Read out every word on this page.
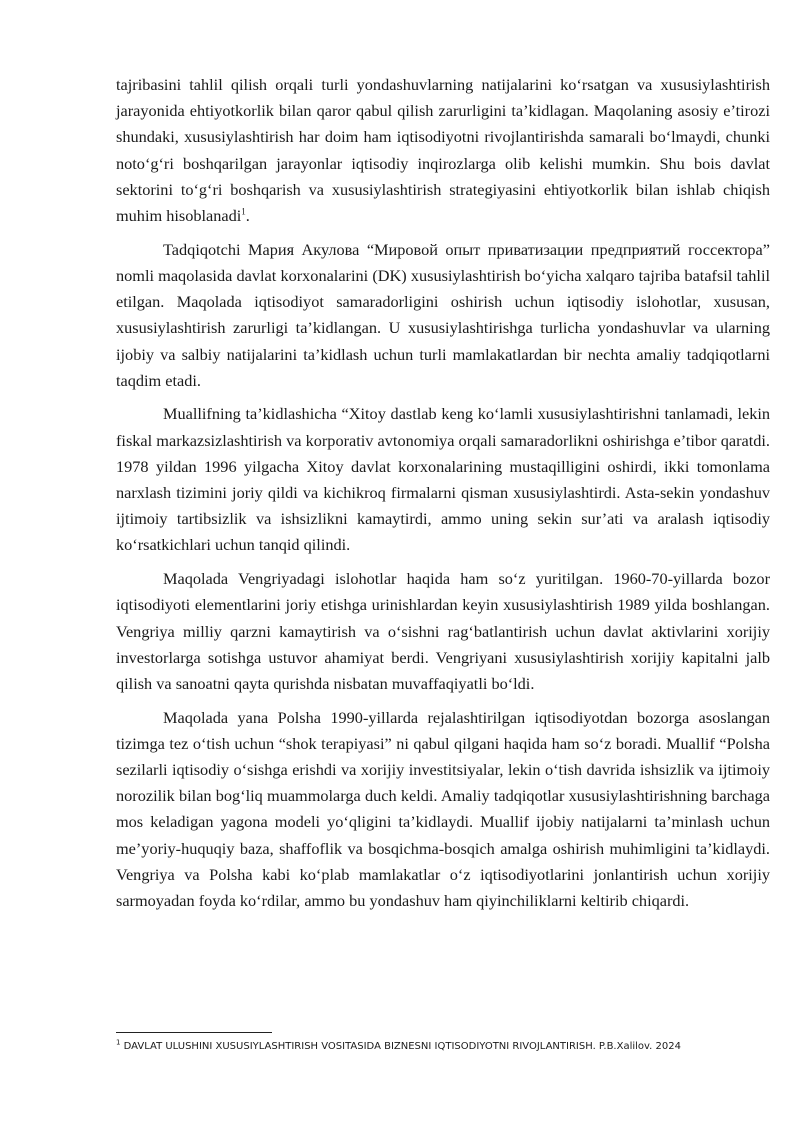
tajribasini tahlil qilish orqali turli yondashuvlarning natijalarini ko‘rsatgan va xususiylashtirish jarayonida ehtiyotkorlik bilan qaror qabul qilish zarurligini ta’kidlagan. Maqolaning asosiy e’tirozi shundaki, xususiylashtirish har doim ham iqtisodiyotni rivojlantirishda samarali bo‘lmaydi, chunki noto‘g‘ri boshqarilgan jarayonlar iqtisodiy inqirozlarga olib kelishi mumkin. Shu bois davlat sektorini to‘g‘ri boshqarish va xususiylashtirish strategiyasini ehtiyotkorlik bilan ishlab chiqish muhim hisoblanadi$^1$.

Tadqiqotchi Мария Акулова “Мировой опыт приватизации предприятий госсектора” nomli maqolasida davlat korxonalarini (DK) xususiylashtirish bo‘yicha xalqaro tajriba batafsil tahlil etilgan. Maqolada iqtisodiyot samaradorligini oshirish uchun iqtisodiy islohotlar, xususan, xususiylashtirish zarurligi ta’kidlangan. U xususiylashtirishga turlicha yondashuvlar va ularning ijobiy va salbiy natijalarini ta’kidlash uchun turli mamlakatlardan bir nechta amaliy tadqiqotlarni taqdim etadi.

Muallifning ta’kidlashicha “Xitoy dastlab keng ko‘lamli xususiylashtirishni tanlamadi, lekin fiskal markazsizlashtirish va korporativ avtonomiya orqali samaradorlikni oshirishga e’tibor qaratdi. 1978 yildan 1996 yilgacha Xitoy davlat korxonalarining mustaqilligini oshirdi, ikki tomonlama narxlash tizimini joriy qildi va kichikroq firmalarni qisman xususiylashtirdi. Asta-sekin yondashuv ijtimoiy tartibsizlik va ishsizlikni kamaytirdi, ammo uning sekin sur’ati va aralash iqtisodiy ko‘rsatkichlari uchun tanqid qilindi.

Maqolada Vengriyadagi islohotlar haqida ham so‘z yuritilgan. 1960-70-yillarda bozor iqtisodiyoti elementlarini joriy etishga urinishlardan keyin xususiylashtirish 1989 yilda boshlangan. Vengriya milliy qarzni kamaytirish va o‘sishni rag‘batlantirish uchun davlat aktivlarini xorijiy investorlarga sotishga ustuvor ahamiyat berdi. Vengriyani xususiylashtirish xorijiy kapitalni jalb qilish va sanoatni qayta qurishda nisbatan muvaffaqiyatli bo‘ldi.

Maqolada yana Polsha 1990-yillarda rejalashtirilgan iqtisodiyotdan bozorga asoslangan tizimga tez o‘tish uchun “shok terapiyasi” ni qabul qilgani haqida ham so‘z boradi. Muallif “Polsha sezilarli iqtisodiy o‘sishga erishdi va xorijiy investitsiyalar, lekin o‘tish davrida ishsizlik va ijtimoiy norozilik bilan bog‘liq muammolarga duch keldi. Amaliy tadqiqotlar xususiylashtirishning barchaga mos keladigan yagona modeli yo‘qligini ta’kidlaydi. Muallif ijobiy natijalarni ta’minlash uchun me’yoriy-huquqiy baza, shaffoflik va bosqichma-bosqich amalga oshirish muhimligini ta’kidlaydi. Vengriya va Polsha kabi ko‘plab mamlakatlar o‘z iqtisodiyotlarini jonlantirish uchun xorijiy sarmoyadan foyda ko‘rdilar, ammo bu yondashuv ham qiyinchiliklarni keltirib chiqardi.

$^1$ DAVLAT ULUSHINI XUSUSIYLASHTIRISH VOSITASIDA BIZNESNI IQTISODIYOTNI RIVOJLANTIRISH. P.B.Xalilov. 2024
